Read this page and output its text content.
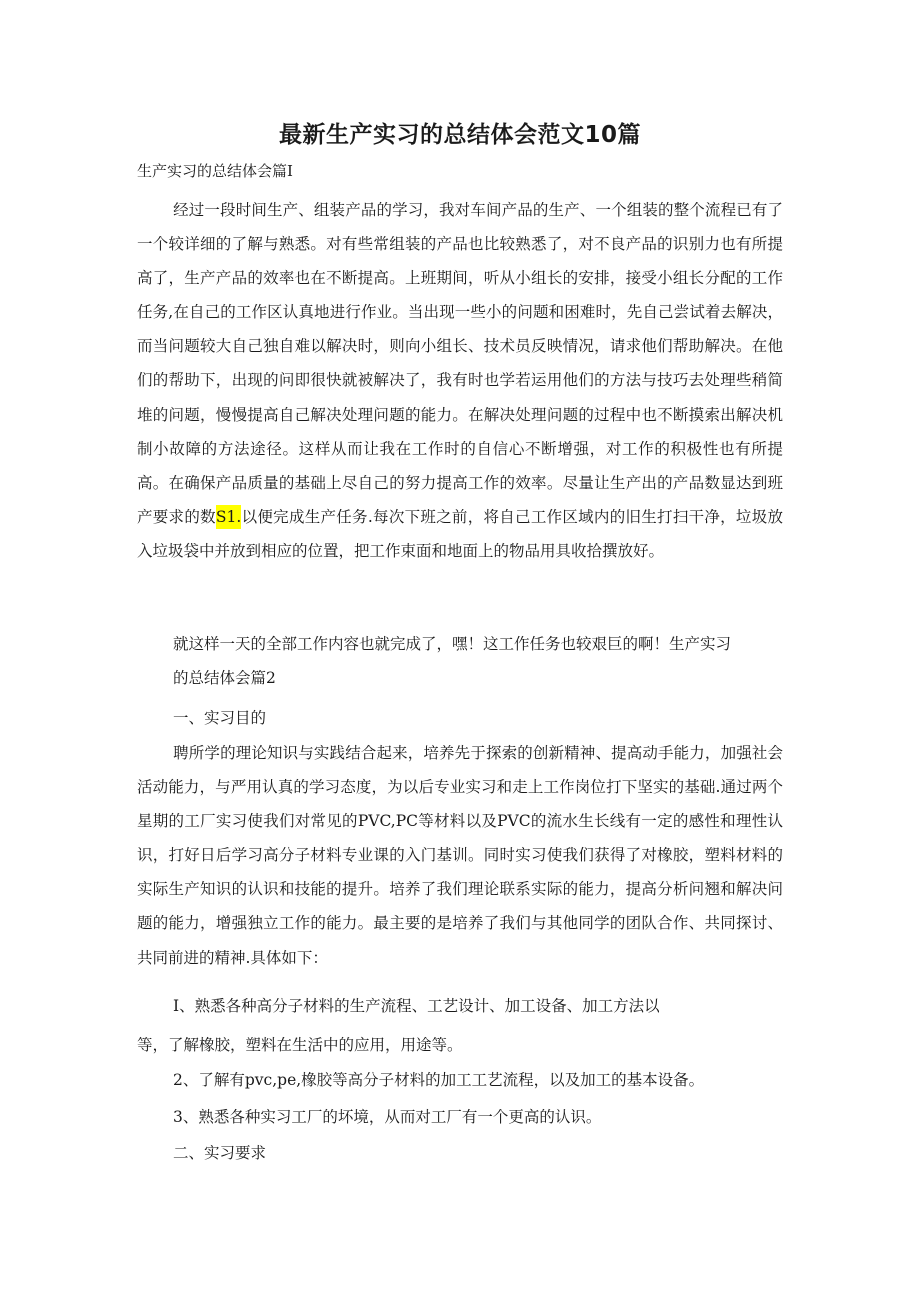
最新生产实习的总结体会范文10篇
生产实习的总结体会篇I
经过一段时间生产、组装产品的学习，我对车间产品的生产、一个组装的整个流程已有了一个较详细的了解与熟悉。对有些常组装的产品也比较熟悉了，对不良产品的识别力也有所提高了，生产产品的效率也在不断提高。上班期间，听从小组长的安排，接受小组长分配的工作任务,在自己的工作区认真地进行作业。当出现一些小的问题和困难时，先自己尝试着去解决，而当问题较大自己独自难以解决时，则向小组长、技术员反映情况，请求他们帮助解决。在他们的帮助下，出现的问即很快就被解决了，我有时也学若运用他们的方法与技巧去处理些稍简堆的问题，慢慢提高自己解决处理问题的能力。在解决处理问题的过程中也不断摸索出解决机制小故障的方法途径。这样从而让我在工作时的自信心不断增强，对工作的积极性也有所提高。在确保产品质量的基础上尽自己的努力提高工作的效率。尽量让生产出的产品数显达到班产要求的数S1.以便完成生产任务.每次下班之前，将自己工作区域内的旧生打扫干净，垃圾放入垃圾袋中并放到相应的位置，把工作束面和地面上的物品用具收拾撰放好。
就这样一天的全部工作内容也就完成了，嘿！这工作任务也较艰巨的啊！生产实习
的总结体会篇2
一、实习目的
聘所学的理论知识与实践结合起来，培养先于探索的创新精神、提高动手能力，加强社会活动能力，与严用认真的学习态度，为以后专业实习和走上工作岗位打下坚实的基础.通过两个星期的工厂实习使我们对常见的PVC,PC等材料以及PVC的流水生长线有一定的感性和理性认识，打好日后学习高分子材料专业课的入门基训。同时实习使我们获得了对橡胶，塑料材料的实际生产知识的认识和技能的提升。培养了我们理论联系实际的能力，提高分析问翘和解决问题的能力，增强独立工作的能力。最主要的是培养了我们与其他同学的团队合作、共同探讨、共同前进的精神.具体如下：
I、熟悉各种高分子材料的生产流程、工艺设计、加工设备、加工方法以
等，了解橡胶，塑料在生活中的应用，用途等。
2、了解有pvc,pe,橡胶等高分子材料的加工工艺流程，以及加工的基本设备。
3、熟悉各种实习工厂的坏境，从而对工厂有一个更高的认识。
二、实习要求
